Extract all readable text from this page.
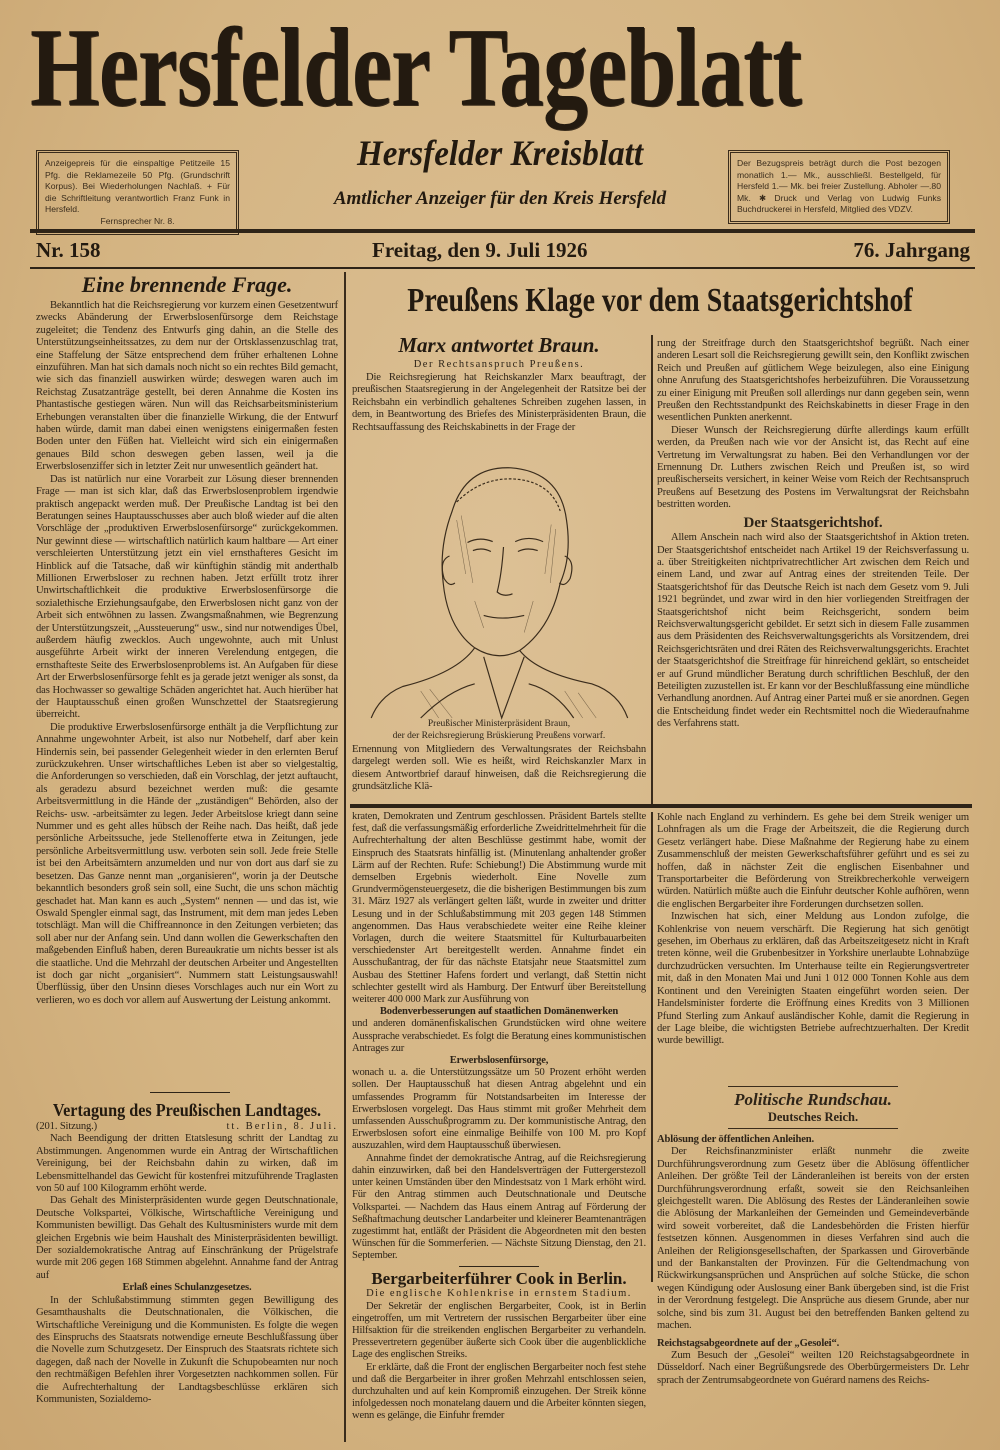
Hersfelder Tageblatt
Anzeigepreis für die einspaltige Petitzeile 15 Pfg. die Reklamezeile 50 Pfg. (Grundschrift Korpus). Bei Wiederholungen Nachlaß. + Für die Schriftleitung verantwortlich Franz Funk in Hersfeld.
Fernsprecher Nr. 8.
Der Bezugspreis beträgt durch die Post bezogen monatlich 1.— Mk., ausschließl. Bestellgeld, für Hersfeld 1.— Mk. bei freier Zustellung. Abholer —.80 Mk. ✱ Druck und Verlag von Ludwig Funks Buchdruckerei in Hersfeld, Mitglied des VDZV.
Hersfelder Kreisblatt
Amtlicher Anzeiger für den Kreis Hersfeld
Nr. 158	Freitag, den 9. Juli 1926	76. Jahrgang
Eine brennende Frage.

Bekanntlich hat die Reichsregierung vor kurzem einen Gesetzentwurf zwecks Abänderung der Erwerbslosenfürsorge dem Reichstage zugeleitet; die Tendenz des Entwurfs ging dahin, an die Stelle des Unterstützungseinheitssatzes, zu dem nur der Ortsklassenzuschlag trat, eine Staffelung der Sätze entsprechend dem früher erhaltenen Lohne einzuführen. Man hat sich damals noch nicht so ein rechtes Bild gemacht, wie sich das finanziell auswirken würde; deswegen waren auch im Reichstag Zusatzanträge gestellt, bei deren Annahme die Kosten ins Phantastische gestiegen wären. Nun will das Reichsarbeitsministerium Erhebungen veranstalten über die finanzielle Wirkung, die der Entwurf haben würde, damit man dabei einen wenigstens einigermaßen festen Boden unter den Füßen hat. Vielleicht wird sich ein einigermaßen genaues Bild schon deswegen geben lassen, weil ja die Erwerbslosenziffer sich in letzter Zeit nur unwesentlich geändert hat.

Das ist natürlich nur eine Vorarbeit zur Lösung dieser brennenden Frage — man ist sich klar, daß das Erwerbslosenproblem irgendwie praktisch angepackt werden muß. Der Preußische Landtag ist bei den Beratungen seines Hauptausschusses aber auch bloß wieder auf die alten Vorschläge der „produktiven Erwerbslosenfürsorge“ zurückgekommen. Nur gewinnt diese — wirtschaftlich natürlich kaum haltbare — Art einer verschleierten Unterstützung jetzt ein viel ernsthafteres Gesicht im Hinblick auf die Tatsache, daß wir künftighin ständig mit anderthalb Millionen Erwerbsloser zu rechnen haben. Jetzt erfüllt trotz ihrer Unwirtschaftlichkeit die produktive Erwerbslosenfürsorge die sozialethische Erziehungsaufgabe, den Erwerbslosen nicht ganz von der Arbeit sich entwöhnen zu lassen. Zwangsmaßnahmen, wie Begrenzung der Unterstützungszeit, „Aussteuerung“ usw., sind nur notwendiges Übel, außerdem häufig zwecklos. Auch ungewohnte, auch mit Unlust ausgeführte Arbeit wirkt der inneren Verelendung entgegen, die ernsthafteste Seite des Erwerbslosenproblems ist. An Aufgaben für diese Art der Erwerbslosenfürsorge fehlt es ja gerade jetzt weniger als sonst, da das Hochwasser so gewaltige Schäden angerichtet hat. Auch hierüber hat der Hauptausschuß einen großen Wunschzettel der Staatsregierung überreicht.

Die produktive Erwerbslosenfürsorge enthält ja die Verpflichtung zur Annahme ungewohnter Arbeit, ist also nur Notbehelf, darf aber kein Hindernis sein, bei passender Gelegenheit wieder in den erlernten Beruf zurückzukehren. Unser wirtschaftliches Leben ist aber so vielgestaltig, die Anforderungen so verschieden, daß ein Vorschlag, der jetzt auftaucht, als geradezu absurd bezeichnet werden muß: die gesamte Arbeitsvermittlung in die Hände der „zuständigen“ Behörden, also der Reichs- usw. -arbeitsämter zu legen. Jeder Arbeitslose kriegt dann seine Nummer und es geht alles hübsch der Reihe nach. Das heißt, daß jede persönliche Arbeitssuche, jede Stellenofferte etwa in Zeitungen, jede persönliche Arbeitsvermittlung usw. verboten sein soll. Jede freie Stelle ist bei den Arbeitsämtern anzumelden und nur von dort aus darf sie zu besetzen. Das Ganze nennt man „organisieren“, worin ja der Deutsche bekanntlich besonders groß sein soll, eine Sucht, die uns schon mächtig geschadet hat. Man kann es auch „System“ nennen — und das ist, wie Oswald Spengler einmal sagt, das Instrument, mit dem man jedes Leben totschlägt. Man will die Chiffreannonce in den Zeitungen verbieten; das soll aber nur der Anfang sein. Und dann wollen die Gewerkschaften den maßgebenden Einfluß haben, deren Bureaukratie um nichts besser ist als die staatliche. Und die Mehrzahl der deutschen Arbeiter und Angestellten ist doch gar nicht „organisiert“. Nummern statt Leistungsauswahl! Überflüssig, über den Unsinn dieses Vorschlages auch nur ein Wort zu verlieren, wo es doch vor allem auf Auswertung der Leistung ankommt.

Vertagung des Preußischen Landtages.

(201. Sitzung.)	tt. Berlin, 8. Juli.

Nach Beendigung der dritten Etatslesung schritt der Landtag zu Abstimmungen. Angenommen wurde ein Antrag der Wirtschaftlichen Vereinigung, bei der Reichsbahn dahin zu wirken, daß im Lebensmittelhandel das Gewicht für kostenfrei mitzuführende Traglasten von 50 auf 100 Kilogramm erhöht werde.

Das Gehalt des Ministerpräsidenten wurde gegen Deutschnationale, Deutsche Volkspartei, Völkische, Wirtschaftliche Vereinigung und Kommunisten bewilligt. Das Gehalt des Kultusministers wurde mit dem gleichen Ergebnis wie beim Haushalt des Ministerpräsidenten bewilligt. Der sozialdemokratische Antrag auf Einschränkung der Prügelstrafe wurde mit 206 gegen 168 Stimmen abgelehnt. Annahme fand der Antrag auf

Erlaß eines Schulanzgesetzes.

In der Schlußabstimmung stimmten gegen Bewilligung des Gesamthaushalts die Deutschnationalen, die Völkischen, die Wirtschaftliche Vereinigung und die Kommunisten. Es folgte die wegen des Einspruchs des Staatsrats notwendige erneute Beschlußfassung über die Novelle zum Schutzgesetz. Der Einspruch des Staatsrats richtete sich dagegen, daß nach der Novelle in Zukunft die Schupobeamten nur noch den rechtmäßigen Befehlen ihrer Vorgesetzten nachkommen sollen. Für die Aufrechterhaltung der Landtagsbeschlüsse erklären sich Kommunisten, Sozialdemo-

Preußens Klage vor dem Staatsgerichtshof
Marx antwortet Braun.
Der Rechtsanspruch Preußens.

Die Reichsregierung hat Reichskanzler Marx beauftragt, der preußischen Staatsregierung in der Angelegenheit der Ratsitze bei der Reichsbahn ein verbindlich gehaltenes Schreiben zugehen lassen, in dem, in Beantwortung des Briefes des Ministerpräsidenten Braun, die Rechtsauffassung des Reichskabinetts in der Frage der

Preußischer Ministerpräsident Braun,
der der Reichsregierung Brüskierung Preußens vorwarf.

Ernennung von Mitgliedern des Verwaltungsrates der Reichsbahn dargelegt werden soll. Wie es heißt, wird Reichskanzler Marx in diesem Antwortbrief darauf hinweisen, daß die Reichsregierung die grundsätzliche Klä-

rung der Streitfrage durch den Staatsgerichtshof begrüßt. Nach einer anderen Lesart soll die Reichsregierung gewillt sein, den Konflikt zwischen Reich und Preußen auf gütlichem Wege beizulegen, also eine Einigung ohne Anrufung des Staatsgerichtshofes herbeizuführen. Die Voraussetzung zu einer Einigung mit Preußen soll allerdings nur dann gegeben sein, wenn Preußen den Rechtsstandpunkt des Reichskabinetts in dieser Frage in den wesentlichen Punkten anerkennt.

Dieser Wunsch der Reichsregierung dürfte allerdings kaum erfüllt werden, da Preußen nach wie vor der Ansicht ist, das Recht auf eine Vertretung im Verwaltungsrat zu haben. Bei den Verhandlungen vor der Ernennung Dr. Luthers zwischen Reich und Preußen ist, so wird preußischerseits versichert, in keiner Weise vom Reich der Rechtsanspruch Preußens auf Besetzung des Postens im Verwaltungsrat der Reichsbahn bestritten worden.

Der Staatsgerichtshof.

Allem Anschein nach wird also der Staatsgerichtshof in Aktion treten. Der Staatsgerichtshof entscheidet nach Artikel 19 der Reichsverfassung u. a. über Streitigkeiten nichtprivatrechtlicher Art zwischen dem Reich und einem Land, und zwar auf Antrag eines der streitenden Teile. Der Staatsgerichtshof für das Deutsche Reich ist nach dem Gesetz vom 9. Juli 1921 begründet, und zwar wird in den hier vorliegenden Streitfragen der Staatsgerichtshof nicht beim Reichsgericht, sondern beim Reichsverwaltungsgericht gebildet. Er setzt sich in diesem Falle zusammen aus dem Präsidenten des Reichsverwaltungsgerichts als Vorsitzendem, drei Reichsgerichtsräten und drei Räten des Reichsverwaltungsgerichts. Erachtet der Staatsgerichtshof die Streitfrage für hinreichend geklärt, so entscheidet er auf Grund mündlicher Beratung durch schriftlichen Beschluß, der den Beteiligten zuzustellen ist. Er kann vor der Beschlußfassung eine mündliche Verhandlung anordnen. Auf Antrag einer Partei muß er sie anordnen. Gegen die Entscheidung findet weder ein Rechtsmittel noch die Wiederaufnahme des Verfahrens statt.

kraten, Demokraten und Zentrum geschlossen. Präsident Bartels stellte fest, daß die verfassungsmäßig erforderliche Zweidrittelmehrheit für die Aufrechterhaltung der alten Beschlüsse gestimmt habe, womit der Einspruch des Staatsrats hinfällig ist. (Minutenlang anhaltender großer Lärm auf der Rechten. Rufe: Schiebung!) Die Abstimmung wurde mit demselben Ergebnis wiederholt. Eine Novelle zum Grundvermögensteuergesetz, die die bisherigen Bestimmungen bis zum 31. März 1927 als verlängert gelten läßt, wurde in zweiter und dritter Lesung und in der Schlußabstimmung mit 203 gegen 148 Stimmen angenommen. Das Haus verabschiedete weiter eine Reihe kleiner Vorlagen, durch die weitere Staatsmittel für Kulturbauarbeiten verschiedenster Art bereitgestellt werden. Annahme findet ein Ausschußantrag, der für das nächste Etatsjahr neue Staatsmittel zum Ausbau des Stettiner Hafens fordert und verlangt, daß Stettin nicht schlechter gestellt wird als Hamburg. Der Entwurf über Bereitstellung weiterer 400 000 Mark zur Ausführung von

Bodenverbesserungen auf staatlichen Domänenwerken

und anderen domänenfiskalischen Grundstücken wird ohne weitere Aussprache verabschiedet. Es folgt die Beratung eines kommunistischen Antrages zur

Erwerbslosenfürsorge,

wonach u. a. die Unterstützungssätze um 50 Prozent erhöht werden sollen. Der Hauptausschuß hat diesen Antrag abgelehnt und ein umfassendes Programm für Notstandsarbeiten im Interesse der Erwerbslosen vorgelegt. Das Haus stimmt mit großer Mehrheit dem umfassenden Ausschußprogramm zu. Der kommunistische Antrag, den Erwerbslosen sofort eine einmalige Beihilfe von 100 M. pro Kopf auszuzahlen, wird dem Hauptausschuß überwiesen.

Annahme findet der demokratische Antrag, auf die Reichsregierung dahin einzuwirken, daß bei den Handelsverträgen der Futtergerstezoll unter keinen Umständen über den Mindestsatz von 1 Mark erhöht wird. Für den Antrag stimmen auch Deutschnationale und Deutsche Volkspartei. — Nachdem das Haus einem Antrag auf Förderung der Seßhaftmachung deutscher Landarbeiter und kleinerer Beamtenanträgen zugestimmt hat, entläßt der Präsident die Abgeordneten mit den besten Wünschen für die Sommerferien. — Nächste Sitzung Dienstag, den 21. September.

Bergarbeiterführer Cook in Berlin.
Die englische Kohlenkrise in ernstem Stadium.

Der Sekretär der englischen Bergarbeiter, Cook, ist in Berlin eingetroffen, um mit Vertretern der russischen Bergarbeiter über eine Hilfsaktion für die streikenden englischen Bergarbeiter zu verhandeln. Pressevertretern gegenüber äußerte sich Cook über die augenblickliche Lage des englischen Streiks.

Er erklärte, daß die Front der englischen Bergarbeiter noch fest stehe und daß die Bergarbeiter in ihrer großen Mehrzahl entschlossen seien, durchzuhalten und auf kein Kompromiß einzugehen. Der Streik könne infolgedessen noch monatelang dauern und die Arbeiter könnten siegen, wenn es gelänge, die Einfuhr fremder

Kohle nach England zu verhindern. Es gehe bei dem Streik weniger um Lohnfragen als um die Frage der Arbeitszeit, die die Regierung durch Gesetz verlängert habe. Diese Maßnahme der Regierung habe zu einem Zusammenschluß der meisten Gewerkschaftsführer geführt und es sei zu hoffen, daß in nächster Zeit die englischen Eisenbahner und Transportarbeiter die Beförderung von Streikbrecherkohle verweigern würden. Natürlich müßte auch die Einfuhr deutscher Kohle aufhören, wenn die englischen Bergarbeiter ihre Forderungen durchsetzen sollen.

Inzwischen hat sich, einer Meldung aus London zufolge, die Kohlenkrise von neuem verschärft. Die Regierung hat sich genötigt gesehen, im Oberhaus zu erklären, daß das Arbeitszeitgesetz nicht in Kraft treten könne, weil die Grubenbesitzer in Yorkshire unerlaubte Lohnabzüge durchzudrücken versuchten. Im Unterhause teilte ein Regierungsvertreter mit, daß in den Monaten Mai und Juni 1 012 000 Tonnen Kohle aus dem Kontinent und den Vereinigten Staaten eingeführt worden seien. Der Handelsminister forderte die Eröffnung eines Kredits von 3 Millionen Pfund Sterling zum Ankauf ausländischer Kohle, damit die Regierung in der Lage bleibe, die wichtigsten Betriebe aufrechtzuerhalten. Der Kredit wurde bewilligt.

Politische Rundschau.
Deutsches Reich.

Ablösung der öffentlichen Anleihen.

Der Reichsfinanzminister erläßt nunmehr die zweite Durchführungsverordnung zum Gesetz über die Ablösung öffentlicher Anleihen. Der größte Teil der Länderanleihen ist bereits von der ersten Durchführungsverordnung erfaßt, soweit sie den Reichsanleihen gleichgestellt waren. Die Ablösung des Restes der Länderanleihen sowie die Ablösung der Markanleihen der Gemeinden und Gemeindeverbände wird soweit vorbereitet, daß die Landesbehörden die Fristen hierfür festsetzen können. Ausgenommen in dieses Verfahren sind auch die Anleihen der Religionsgesellschaften, der Sparkassen und Giroverbände und der Bankanstalten der Provinzen. Für die Geltendmachung von Rückwirkungsansprüchen und Ansprüchen auf solche Stücke, die schon wegen Kündigung oder Auslosung einer Bank übergeben sind, ist die Frist in der Verordnung festgelegt. Die Ansprüche aus diesem Grunde, aber nur solche, sind bis zum 31. August bei den betreffenden Banken geltend zu machen.

Reichstagsabgeordnete auf der „Gesolei“.

Zum Besuch der „Gesolei“ weilten 120 Reichstagsabgeordnete in Düsseldorf. Nach einer Begrüßungsrede des Oberbürgermeisters Dr. Lehr sprach der Zentrumsabgeordnete von Guérard namens des Reichs-
